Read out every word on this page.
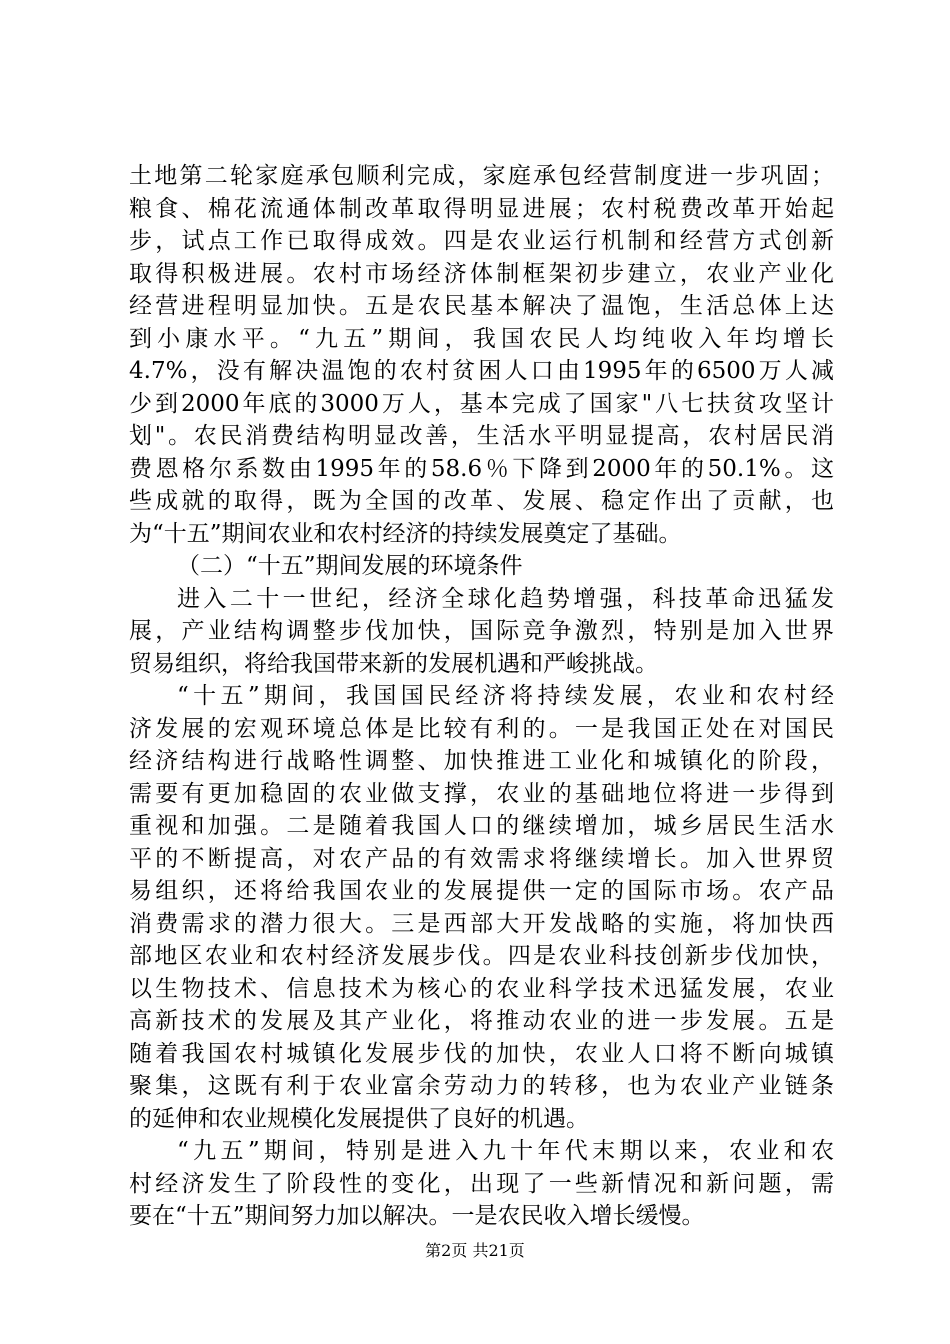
土地第二轮家庭承包顺利完成，家庭承包经营制度进一步巩固；
粮食、棉花流通体制改革取得明显进展；农村税费改革开始起
步，试点工作已取得成效。四是农业运行机制和经营方式创新
取得积极进展。农村市场经济体制框架初步建立，农业产业化
经营进程明显加快。五是农民基本解决了温饱，生活总体上达
到小康水平。“九五”期间，我国农民人均纯收入年均增长
4.7%，没有解决温饱的农村贫困人口由1995年的6500万人减
少到2000年底的3000万人，基本完成了国家"八七扶贫攻坚计
划"。农民消费结构明显改善，生活水平明显提高，农村居民消
费恩格尔系数由1995年的58.6％下降到2000年的50.1%。这
些成就的取得，既为全国的改革、发展、稳定作出了贡献，也
为“十五”期间农业和农村经济的持续发展奠定了基础。
（二）“十五”期间发展的环境条件
进入二十一世纪，经济全球化趋势增强，科技革命迅猛发
展，产业结构调整步伐加快，国际竞争激烈，特别是加入世界
贸易组织，将给我国带来新的发展机遇和严峻挑战。
“十五”期间，我国国民经济将持续发展，农业和农村经
济发展的宏观环境总体是比较有利的。一是我国正处在对国民
经济结构进行战略性调整、加快推进工业化和城镇化的阶段，
需要有更加稳固的农业做支撑，农业的基础地位将进一步得到
重视和加强。二是随着我国人口的继续增加，城乡居民生活水
平的不断提高，对农产品的有效需求将继续增长。加入世界贸
易组织，还将给我国农业的发展提供一定的国际市场。农产品
消费需求的潜力很大。三是西部大开发战略的实施，将加快西
部地区农业和农村经济发展步伐。四是农业科技创新步伐加快，
以生物技术、信息技术为核心的农业科学技术迅猛发展，农业
高新技术的发展及其产业化，将推动农业的进一步发展。五是
随着我国农村城镇化发展步伐的加快，农业人口将不断向城镇
聚集，这既有利于农业富余劳动力的转移，也为农业产业链条
的延伸和农业规模化发展提供了良好的机遇。
“九五”期间，特别是进入九十年代末期以来，农业和农
村经济发生了阶段性的变化，出现了一些新情况和新问题，需
要在“十五”期间努力加以解决。一是农民收入增长缓慢。
第2页 共21页
